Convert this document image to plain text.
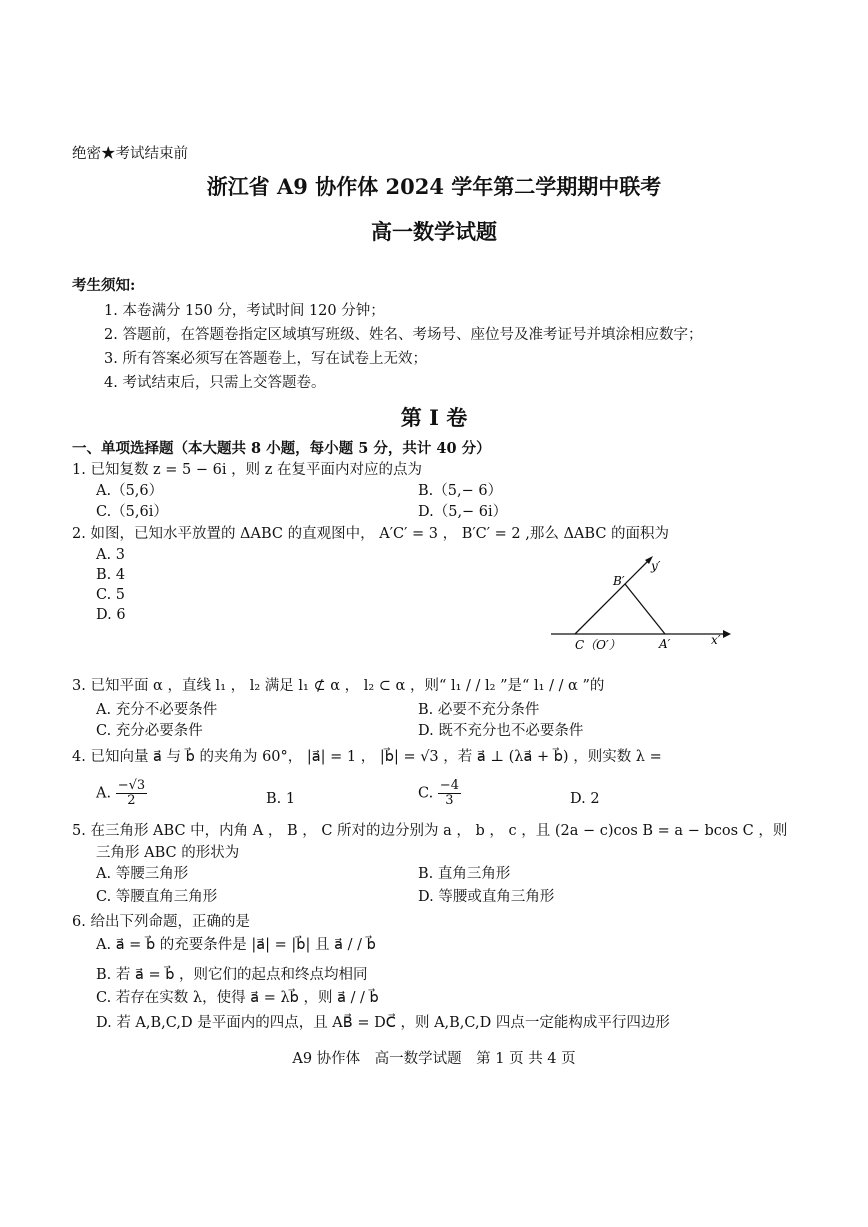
绝密★考试结束前
浙江省 A9 协作体 2024 学年第二学期期中联考
高一数学试题
考生须知:
1. 本卷满分 150 分，考试时间 120 分钟；
2. 答题前，在答题卷指定区域填写班级、姓名、考场号、座位号及准考证号并填涂相应数字；
3. 所有答案必须写在答题卷上，写在试卷上无效；
4. 考试结束后，只需上交答题卷。
第 I 卷
一、单项选择题（本大题共 8 小题，每小题 5 分，共计 40 分）
1. 已知复数 z = 5 − 6i ，则 z 在复平面内对应的点为
A.（5,6）	B.（5,− 6）
C.（5,6i）	D.（5,− 6i）
2. 如图，已知水平放置的 ΔABC 的直观图中， A′C′ = 3 ， B′C′ = 2 ,那么 ΔABC 的面积为
A. 3
B. 4
C. 5
D. 6
y′
x′
B′
A′
C（O′）
3. 已知平面 α ，直线 l₁ ， l₂ 满足 l₁ ⊄ α ， l₂ ⊂ α ，则“ l₁ / / l₂ ”是“ l₁ / / α ”的
A. 充分不必要条件	B. 必要不充分条件
C. 充分必要条件	D. 既不充分也不必要条件
4. 已知向量 a⃗ 与 b⃗ 的夹角为 60°， |a⃗| = 1 ， |b⃗| = √3 ，若 a⃗ ⊥ (λa⃗ + b⃗) ，则实数 λ =
A. $\frac{-√3}{2}$	B. 1	C. $\frac{-4}{3}$	D. 2
5. 在三角形 ABC 中，内角 A ， B ， C 所对的边分别为 a ， b ， c ，且 (2a − c)cos B = a − bcos C ，则
三角形 ABC 的形状为
A. 等腰三角形	B. 直角三角形
C. 等腰直角三角形	D. 等腰或直角三角形
6. 给出下列命题，正确的是
A. a⃗ = b⃗ 的充要条件是 |a⃗| = |b⃗| 且 a⃗ / / b⃗
B. 若 a⃗ = b⃗ ，则它们的起点和终点均相同
C. 若存在实数 λ，使得 a⃗ = λb⃗ ，则 a⃗ / / b⃗
D. 若 A,B,C,D 是平面内的四点，且 AB⃗ = DC⃗ ，则 A,B,C,D 四点一定能构成平行四边形
A9 协作体　高一数学试题　第 1 页 共 4 页
